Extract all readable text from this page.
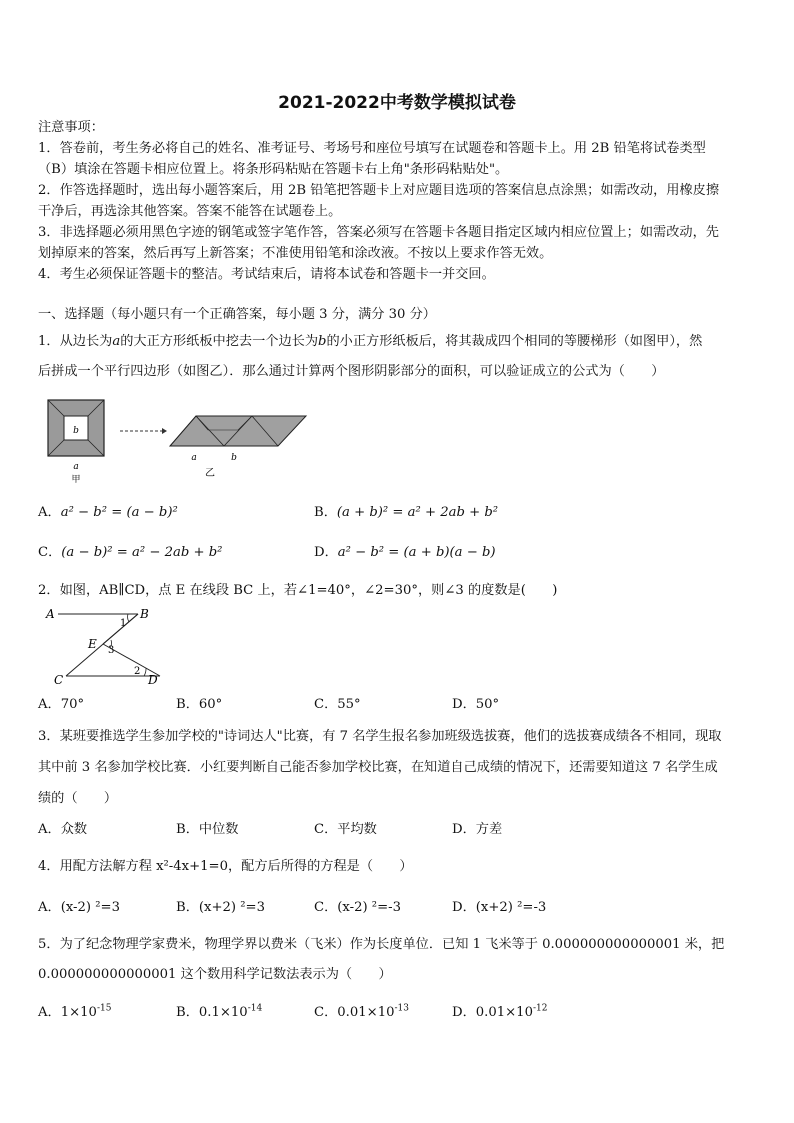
2021-2022中考数学模拟试卷
注意事项：
1．答卷前，考生务必将自己的姓名、准考证号、考场号和座位号填写在试题卷和答题卡上。用 2B 铅笔将试卷类型
（B）填涂在答题卡相应位置上。将条形码粘贴在答题卡右上角"条形码粘贴处"。
2．作答选择题时，选出每小题答案后，用 2B 铅笔把答题卡上对应题目选项的答案信息点涂黑；如需改动，用橡皮擦
干净后，再选涂其他答案。答案不能答在试题卷上。
3．非选择题必须用黑色字迹的钢笔或签字笔作答，答案必须写在答题卡各题目指定区域内相应位置上；如需改动，先
划掉原来的答案，然后再写上新答案；不准使用铅笔和涂改液。不按以上要求作答无效。
4．考生必须保证答题卡的整洁。考试结束后，请将本试卷和答题卡一并交回。
一、选择题（每小题只有一个正确答案，每小题 3 分，满分 30 分）
1．从边长为a的大正方形纸板中挖去一个边长为b的小正方形纸板后，将其裁成四个相同的等腰梯形（如图甲），然
后拼成一个平行四边形（如图乙）．那么通过计算两个图形阴影部分的面积，可以验证成立的公式为（　　）
b
a
甲
a	b
乙
A．a² − b² = (a − b)²	B．(a + b)² = a² + 2ab + b²
C．(a − b)² = a² − 2ab + b²	D．a² − b² = (a + b)(a − b)
2．如图，AB∥CD，点 E 在线段 BC 上，若∠1=40°，∠2=30°，则∠3 的度数是(　　)
A	B
C	D
E
1
3
2
A．70°	B．60°	C．55°	D．50°
3．某班要推选学生参加学校的"诗词达人"比赛，有 7 名学生报名参加班级选拔赛，他们的选拔赛成绩各不相同，现取
其中前 3 名参加学校比赛．小红要判断自己能否参加学校比赛，在知道自己成绩的情况下，还需要知道这 7 名学生成
绩的（　　）
A．众数	B．中位数	C．平均数	D．方差
4．用配方法解方程 x²-4x+1=0，配方后所得的方程是（　　）
A．(x-2) ²=3	B．(x+2) ²=3	C．(x-2) ²=-3	D．(x+2) ²=-3
5．为了纪念物理学家费米，物理学界以费米（飞米）作为长度单位．已知 1 飞米等于 0.000000000000001 米，把
0.000000000000001 这个数用科学记数法表示为（　　）
A．$1\times 10^{-15}$	B．$0.1\times 10^{-14}$	C．$0.01\times 10^{-13}$	D．$0.01\times 10^{-12}$
